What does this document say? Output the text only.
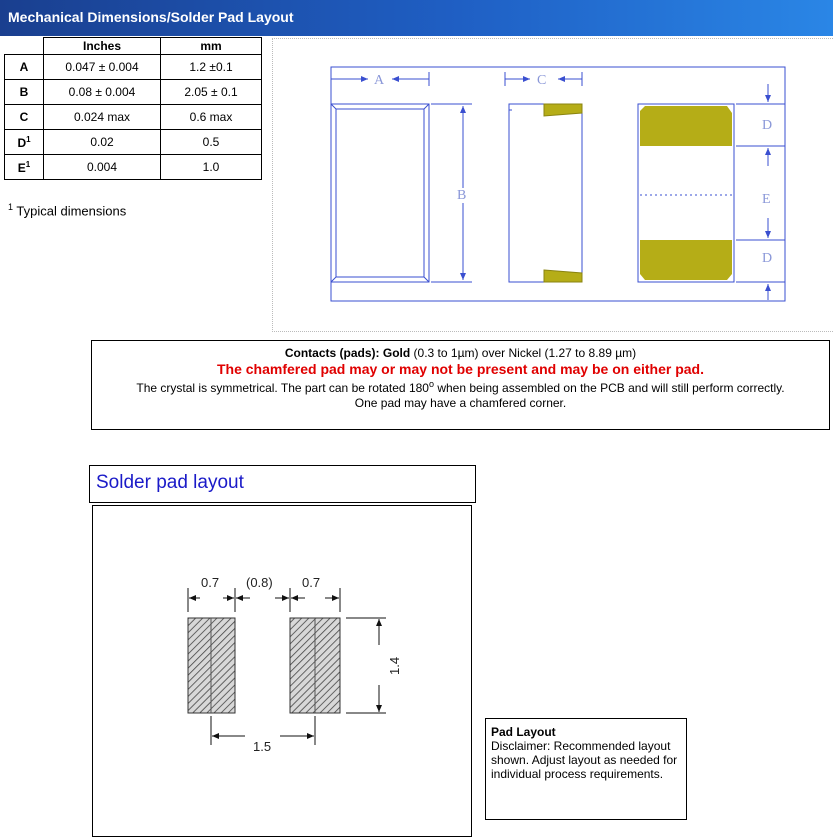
Mechanical Dimensions/Solder Pad Layout
	Inches	mm
A	0.047 ± 0.004	1.2 ±0.1
B	0.08 ± 0.004	2.05 ± 0.1
C	0.024 max	0.6 max
$D^1$	0.02	0.5
$E^1$	0.004	1.0
$^1$ Typical dimensions
A
B
C
D
E
D
Contacts (pads): Gold (0.3 to 1µm) over Nickel (1.27 to 8.89 µm)
The chamfered pad may or may not be present and may be on either pad.
The crystal is symmetrical. The part can be rotated 180$^o$ when being assembled on the PCB and will still perform correctly.
One pad may have a chamfered corner.
Solder pad layout
0.7 (0.8) 0.7
1.5
1.4
Pad Layout
Disclaimer: Recommended layout shown. Adjust layout as needed for individual process requirements.
